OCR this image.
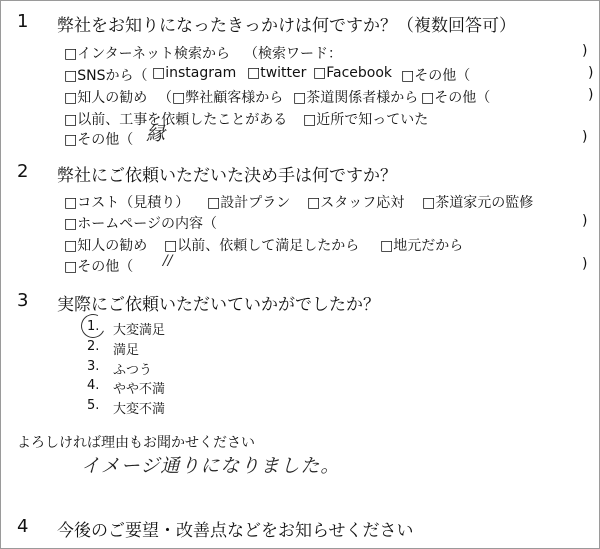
1 弊社をお知りになったきっかけは何ですか？（複数回答可）
□インターネット検索から （検索ワード：	)
□SNSから（ □instagram □twitter □Facebook □その他（	)
□知人の勧め （□弊社顧客様から □茶道関係者様から □その他（	)
□以前、工事を依頼したことがある □近所で知っていた
□その他（ 縁	)
2 弊社にご依頼いただいた決め手は何ですか？
□コスト（見積り） □設計プラン □スタッフ応対 □茶道家元の監修
□ホームページの内容（	)
□知人の勧め □以前、依頼して満足したから □地元だから
□その他（ //	)
3 実際にご依頼いただいていかがでしたか？
1. 大変満足
2. 満足
3. ふつう
4. やや不満
5. 大変不満
よろしければ理由もお聞かせください
イメージ通りになりました。
4 今後のご要望・改善点などをお知らせください
